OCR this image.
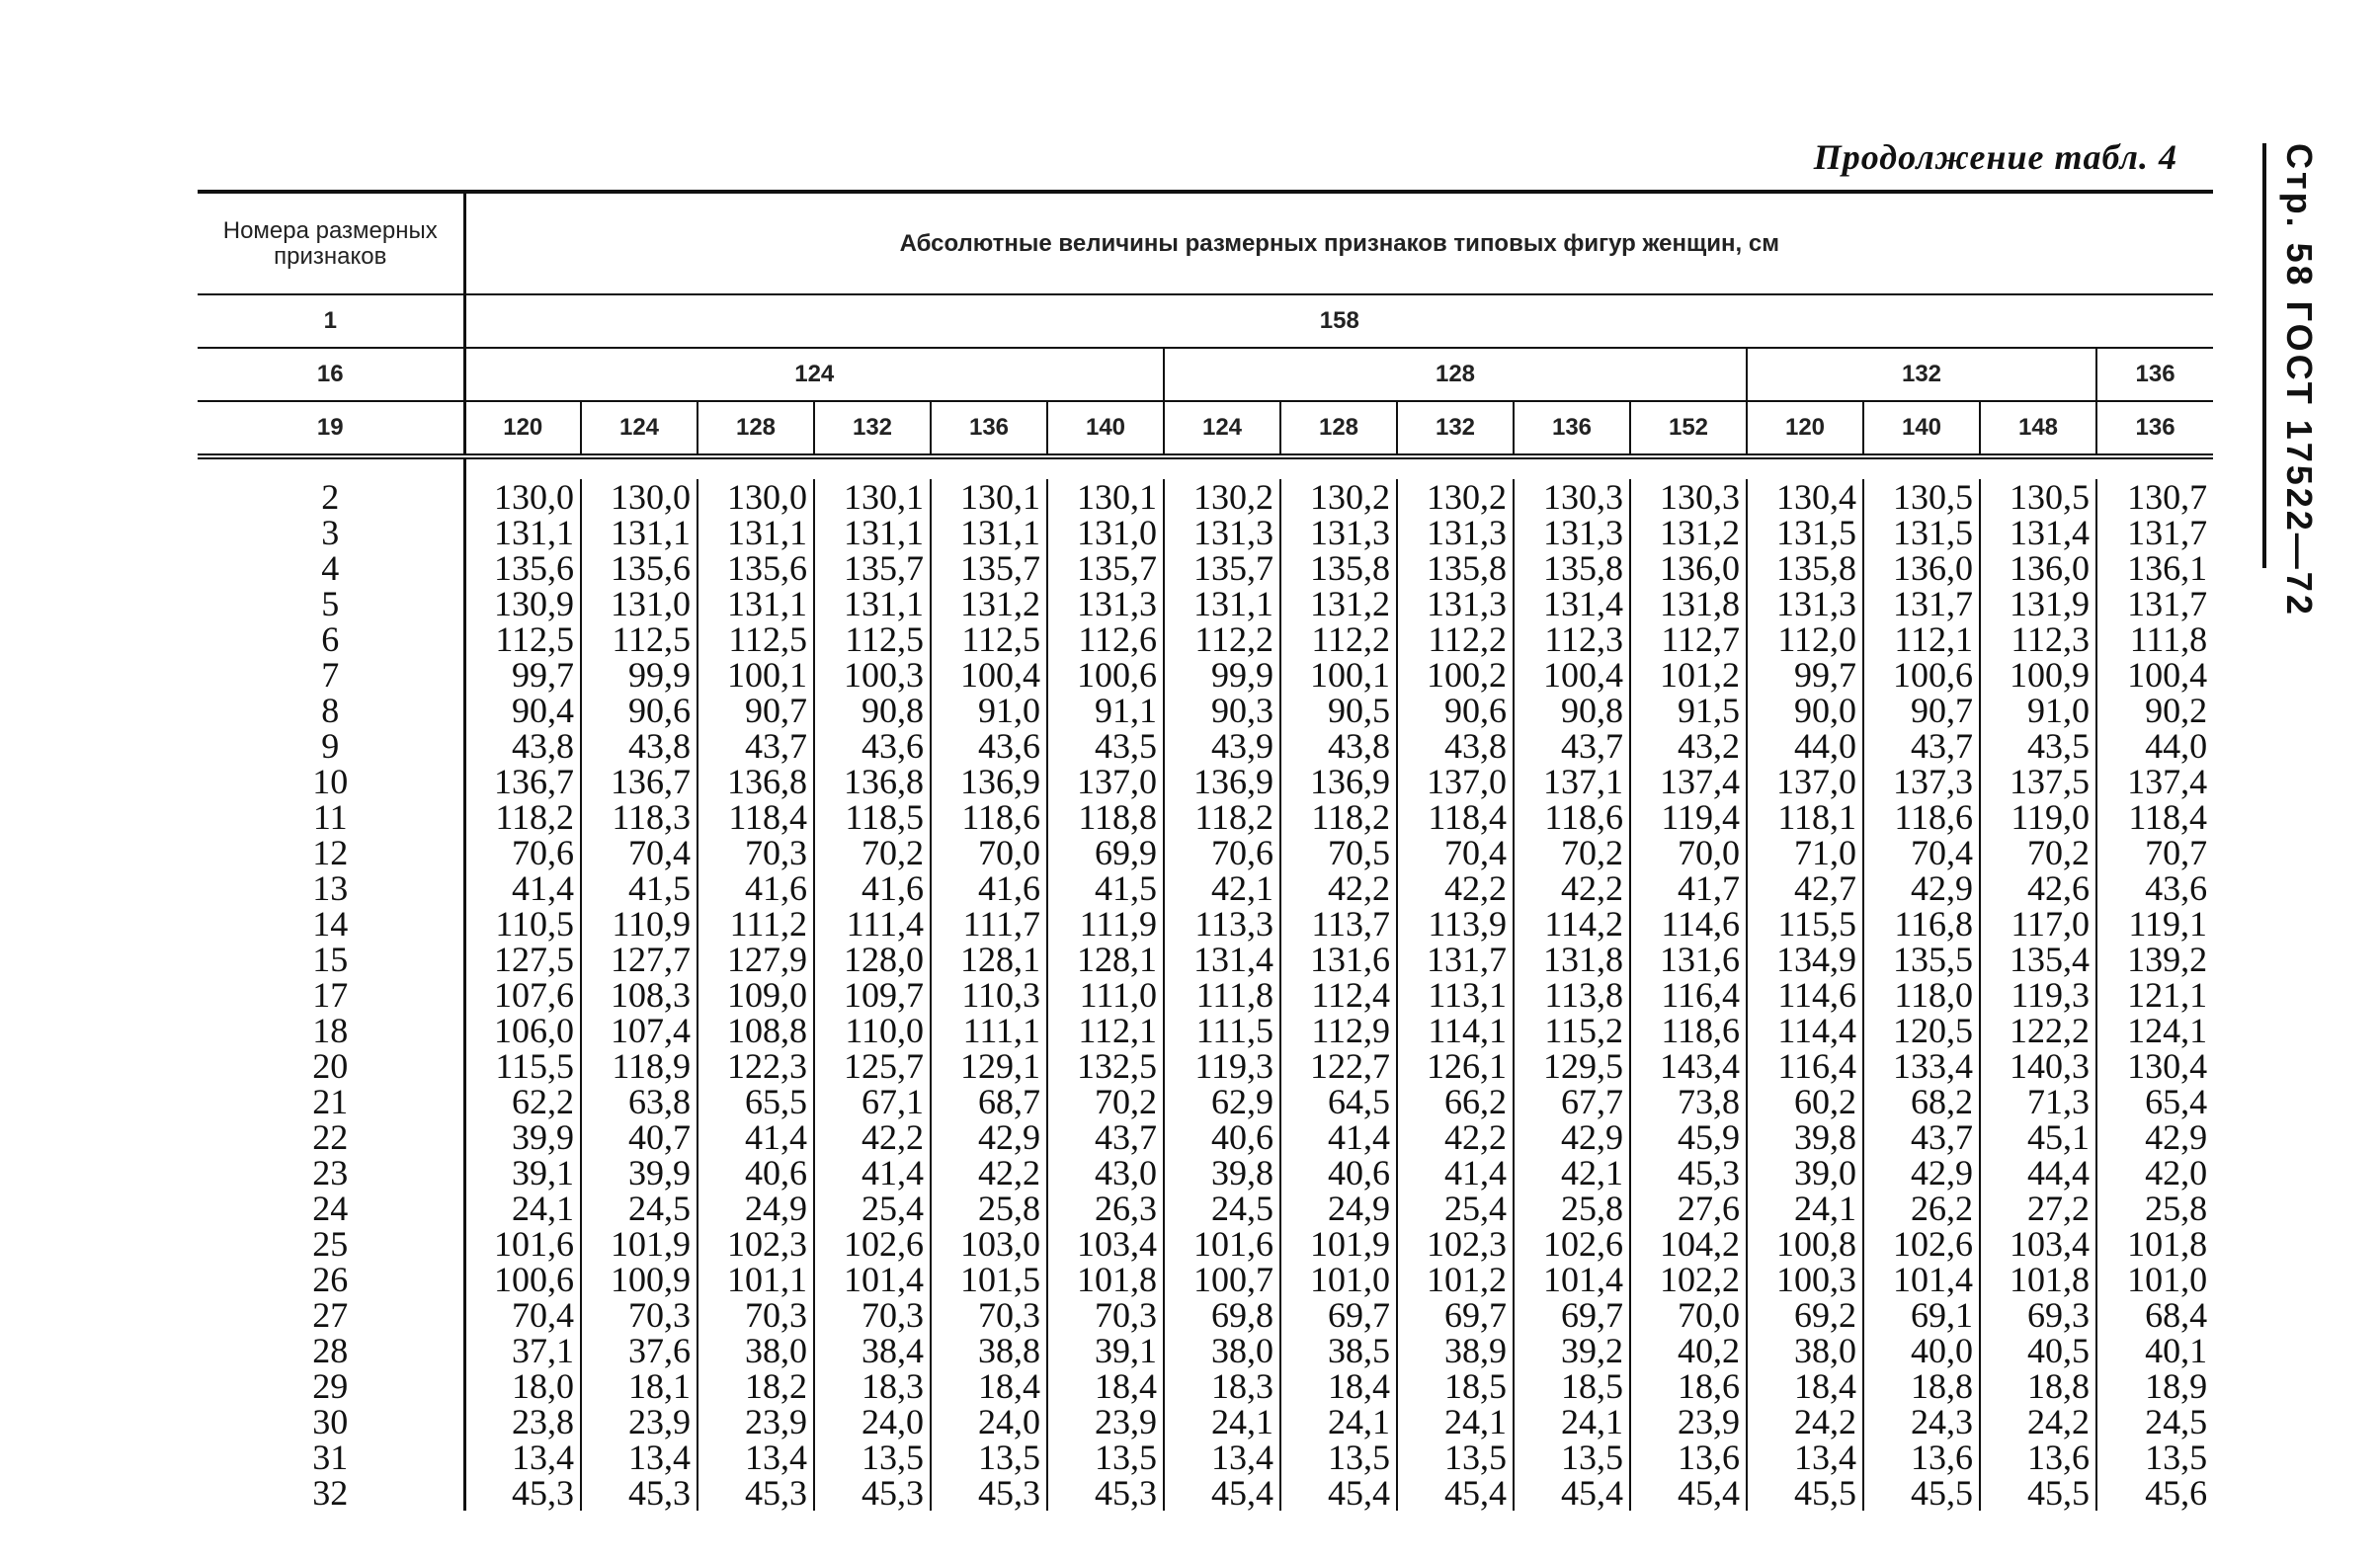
Продолжение табл. 4	Стр. 58 ГОСТ 17522—72
Номера размерных признаков	Абсолютные величины размерных признаков типовых фигур женщин, см														
1	158														
16	124						128					132			136
19	120	124	128	132	136	140	124	128	132	136	152	120	140	148	136

2	130,0	130,0	130,0	130,1	130,1	130,1	130,2	130,2	130,2	130,3	130,3	130,4	130,5	130,5	130,7
3	131,1	131,1	131,1	131,1	131,1	131,0	131,3	131,3	131,3	131,3	131,2	131,5	131,5	131,4	131,7
4	135,6	135,6	135,6	135,7	135,7	135,7	135,7	135,8	135,8	135,8	136,0	135,8	136,0	136,0	136,1
5	130,9	131,0	131,1	131,1	131,2	131,3	131,1	131,2	131,3	131,4	131,8	131,3	131,7	131,9	131,7
6	112,5	112,5	112,5	112,5	112,5	112,6	112,2	112,2	112,2	112,3	112,7	112,0	112,1	112,3	111,8
7	99,7	99,9	100,1	100,3	100,4	100,6	99,9	100,1	100,2	100,4	101,2	99,7	100,6	100,9	100,4
8	90,4	90,6	90,7	90,8	91,0	91,1	90,3	90,5	90,6	90,8	91,5	90,0	90,7	91,0	90,2
9	43,8	43,8	43,7	43,6	43,6	43,5	43,9	43,8	43,8	43,7	43,2	44,0	43,7	43,5	44,0
10	136,7	136,7	136,8	136,8	136,9	137,0	136,9	136,9	137,0	137,1	137,4	137,0	137,3	137,5	137,4
11	118,2	118,3	118,4	118,5	118,6	118,8	118,2	118,2	118,4	118,6	119,4	118,1	118,6	119,0	118,4
12	70,6	70,4	70,3	70,2	70,0	69,9	70,6	70,5	70,4	70,2	70,0	71,0	70,4	70,2	70,7
13	41,4	41,5	41,6	41,6	41,6	41,5	42,1	42,2	42,2	42,2	41,7	42,7	42,9	42,6	43,6
14	110,5	110,9	111,2	111,4	111,7	111,9	113,3	113,7	113,9	114,2	114,6	115,5	116,8	117,0	119,1
15	127,5	127,7	127,9	128,0	128,1	128,1	131,4	131,6	131,7	131,8	131,6	134,9	135,5	135,4	139,2
17	107,6	108,3	109,0	109,7	110,3	111,0	111,8	112,4	113,1	113,8	116,4	114,6	118,0	119,3	121,1
18	106,0	107,4	108,8	110,0	111,1	112,1	111,5	112,9	114,1	115,2	118,6	114,4	120,5	122,2	124,1
20	115,5	118,9	122,3	125,7	129,1	132,5	119,3	122,7	126,1	129,5	143,4	116,4	133,4	140,3	130,4
21	62,2	63,8	65,5	67,1	68,7	70,2	62,9	64,5	66,2	67,7	73,8	60,2	68,2	71,3	65,4
22	39,9	40,7	41,4	42,2	42,9	43,7	40,6	41,4	42,2	42,9	45,9	39,8	43,7	45,1	42,9
23	39,1	39,9	40,6	41,4	42,2	43,0	39,8	40,6	41,4	42,1	45,3	39,0	42,9	44,4	42,0
24	24,1	24,5	24,9	25,4	25,8	26,3	24,5	24,9	25,4	25,8	27,6	24,1	26,2	27,2	25,8
25	101,6	101,9	102,3	102,6	103,0	103,4	101,6	101,9	102,3	102,6	104,2	100,8	102,6	103,4	101,8
26	100,6	100,9	101,1	101,4	101,5	101,8	100,7	101,0	101,2	101,4	102,2	100,3	101,4	101,8	101,0
27	70,4	70,3	70,3	70,3	70,3	70,3	69,8	69,7	69,7	69,7	70,0	69,2	69,1	69,3	68,4
28	37,1	37,6	38,0	38,4	38,8	39,1	38,0	38,5	38,9	39,2	40,2	38,0	40,0	40,5	40,1
29	18,0	18,1	18,2	18,3	18,4	18,4	18,3	18,4	18,5	18,5	18,6	18,4	18,8	18,8	18,9
30	23,8	23,9	23,9	24,0	24,0	23,9	24,1	24,1	24,1	24,1	23,9	24,2	24,3	24,2	24,5
31	13,4	13,4	13,4	13,5	13,5	13,5	13,4	13,5	13,5	13,5	13,6	13,4	13,6	13,6	13,5
32	45,3	45,3	45,3	45,3	45,3	45,3	45,4	45,4	45,4	45,4	45,4	45,5	45,5	45,5	45,6
